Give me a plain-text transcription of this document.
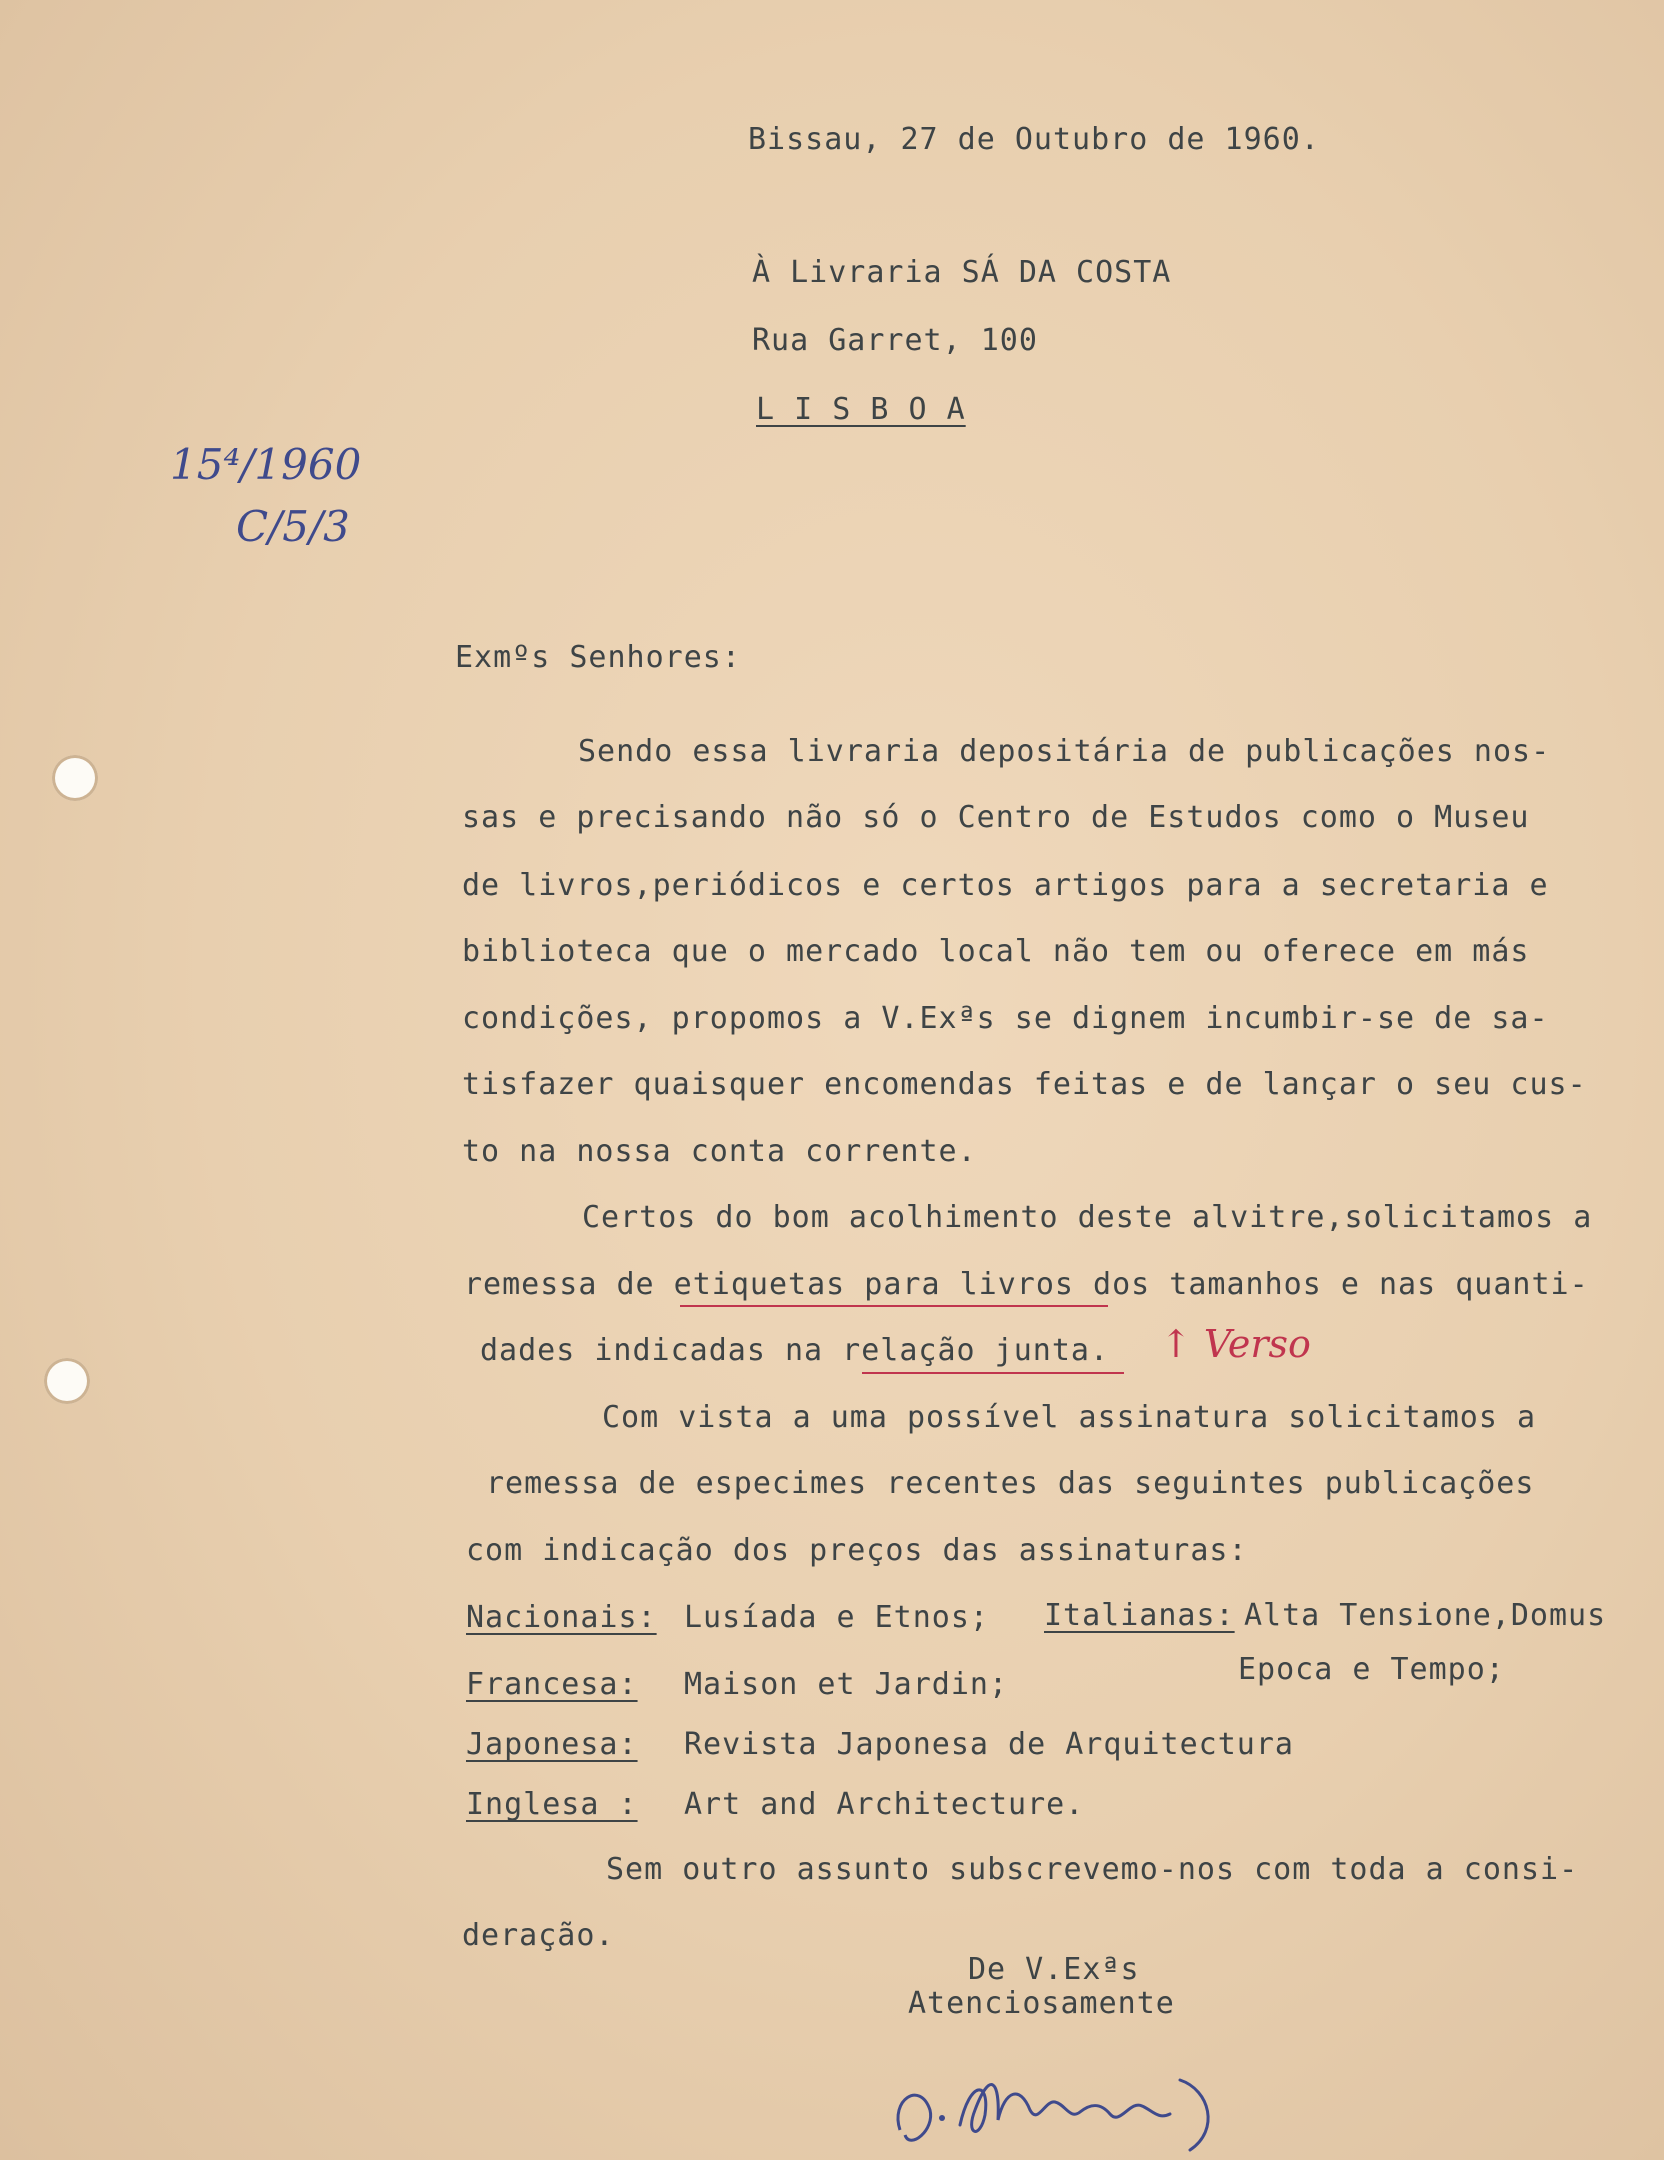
Bissau, 27 de Outubro de 1960.
À Livraria SÁ DA COSTA
Rua Garret, 100
L I S B O A
15⁴/1960
C/5/3
Exmºs Senhores:
Sendo essa livraria depositária de publicações nos-
sas e precisando não só o Centro de Estudos como o Museu
de livros,periódicos e certos artigos para a secretaria e
biblioteca que o mercado local não tem ou oferece em más
condições, propomos a V.Exªs se dignem incumbir-se de sa-
tisfazer quaisquer encomendas feitas e de lançar o seu cus-
to na nossa conta corrente.
Certos do bom acolhimento deste alvitre,solicitamos a
remessa de etiquetas para livros dos tamanhos e nas quanti-
dades indicadas na relação junta. ↑ Verso
Com vista a uma possível assinatura solicitamos a
remessa de especimes recentes das seguintes publicações
com indicação dos preços das assinaturas:
Nacionais: Lusíada e Etnos; Italianas: Alta Tensione,Domus
Epoca e Tempo;
Francesa: Maison et Jardin;
Japonesa: Revista Japonesa de Arquitectura
Inglesa : Art and Architecture.
Sem outro assunto subscrevemo-nos com toda a consi-
deração.
De V.Exªs
Atenciosamente
